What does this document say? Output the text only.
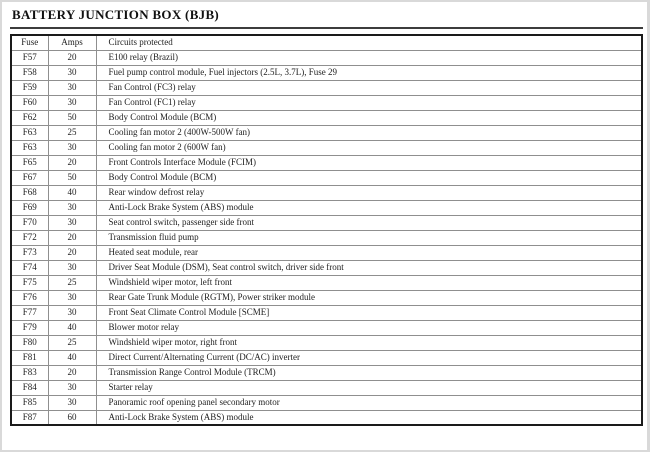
BATTERY JUNCTION BOX (BJB)
Fuse	Amps	Circuits protected
F57	20	E100 relay (Brazil)
F58	30	Fuel pump control module, Fuel injectors (2.5L, 3.7L), Fuse 29
F59	30	Fan Control (FC3) relay
F60	30	Fan Control (FC1) relay
F62	50	Body Control Module (BCM)
F63	25	Cooling fan motor 2 (400W-500W fan)
F63	30	Cooling fan motor 2 (600W fan)
F65	20	Front Controls Interface Module (FCIM)
F67	50	Body Control Module (BCM)
F68	40	Rear window defrost relay
F69	30	Anti-Lock Brake System (ABS) module
F70	30	Seat control switch, passenger side front
F72	20	Transmission fluid pump
F73	20	Heated seat module, rear
F74	30	Driver Seat Module (DSM), Seat control switch, driver side front
F75	25	Windshield wiper motor, left front
F76	30	Rear Gate Trunk Module (RGTM), Power striker module
F77	30	Front Seat Climate Control Module [SCME]
F79	40	Blower motor relay
F80	25	Windshield wiper motor, right front
F81	40	Direct Current/Alternating Current (DC/AC) inverter
F83	20	Transmission Range Control Module (TRCM)
F84	30	Starter relay
F85	30	Panoramic roof opening panel secondary motor
F87	60	Anti-Lock Brake System (ABS) module
